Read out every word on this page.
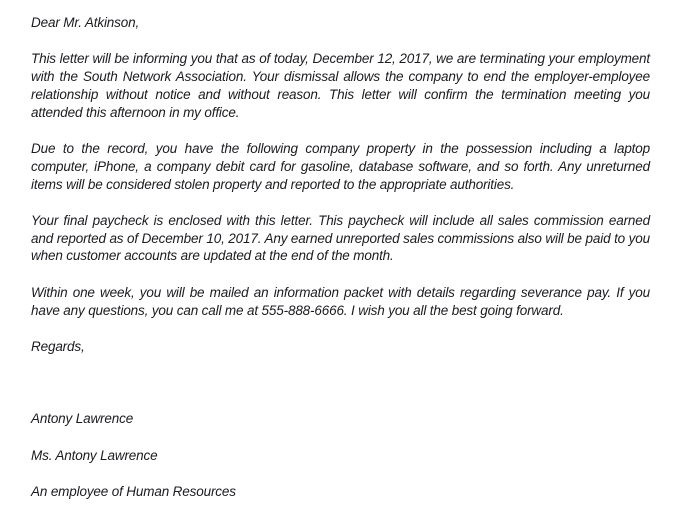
Dear Mr. Atkinson,

This letter will be informing you that as of today, December 12, 2017, we are terminating your employment with the South Network Association. Your dismissal allows the company to end the employer-employee relationship without notice and without reason. This letter will confirm the termination meeting you attended this afternoon in my office.

Due to the record, you have the following company property in the possession including a laptop computer, iPhone, a company debit card for gasoline, database software, and so forth. Any unreturned items will be considered stolen property and reported to the appropriate authorities.

Your final paycheck is enclosed with this letter. This paycheck will include all sales commission earned and reported as of December 10, 2017. Any earned unreported sales commissions also will be paid to you when customer accounts are updated at the end of the month.

Within one week, you will be mailed an information packet with details regarding severance pay. If you have any questions, you can call me at 555-888-6666. I wish you all the best going forward.

Regards,

Antony Lawrence

Ms. Antony Lawrence

An employee of Human Resources
